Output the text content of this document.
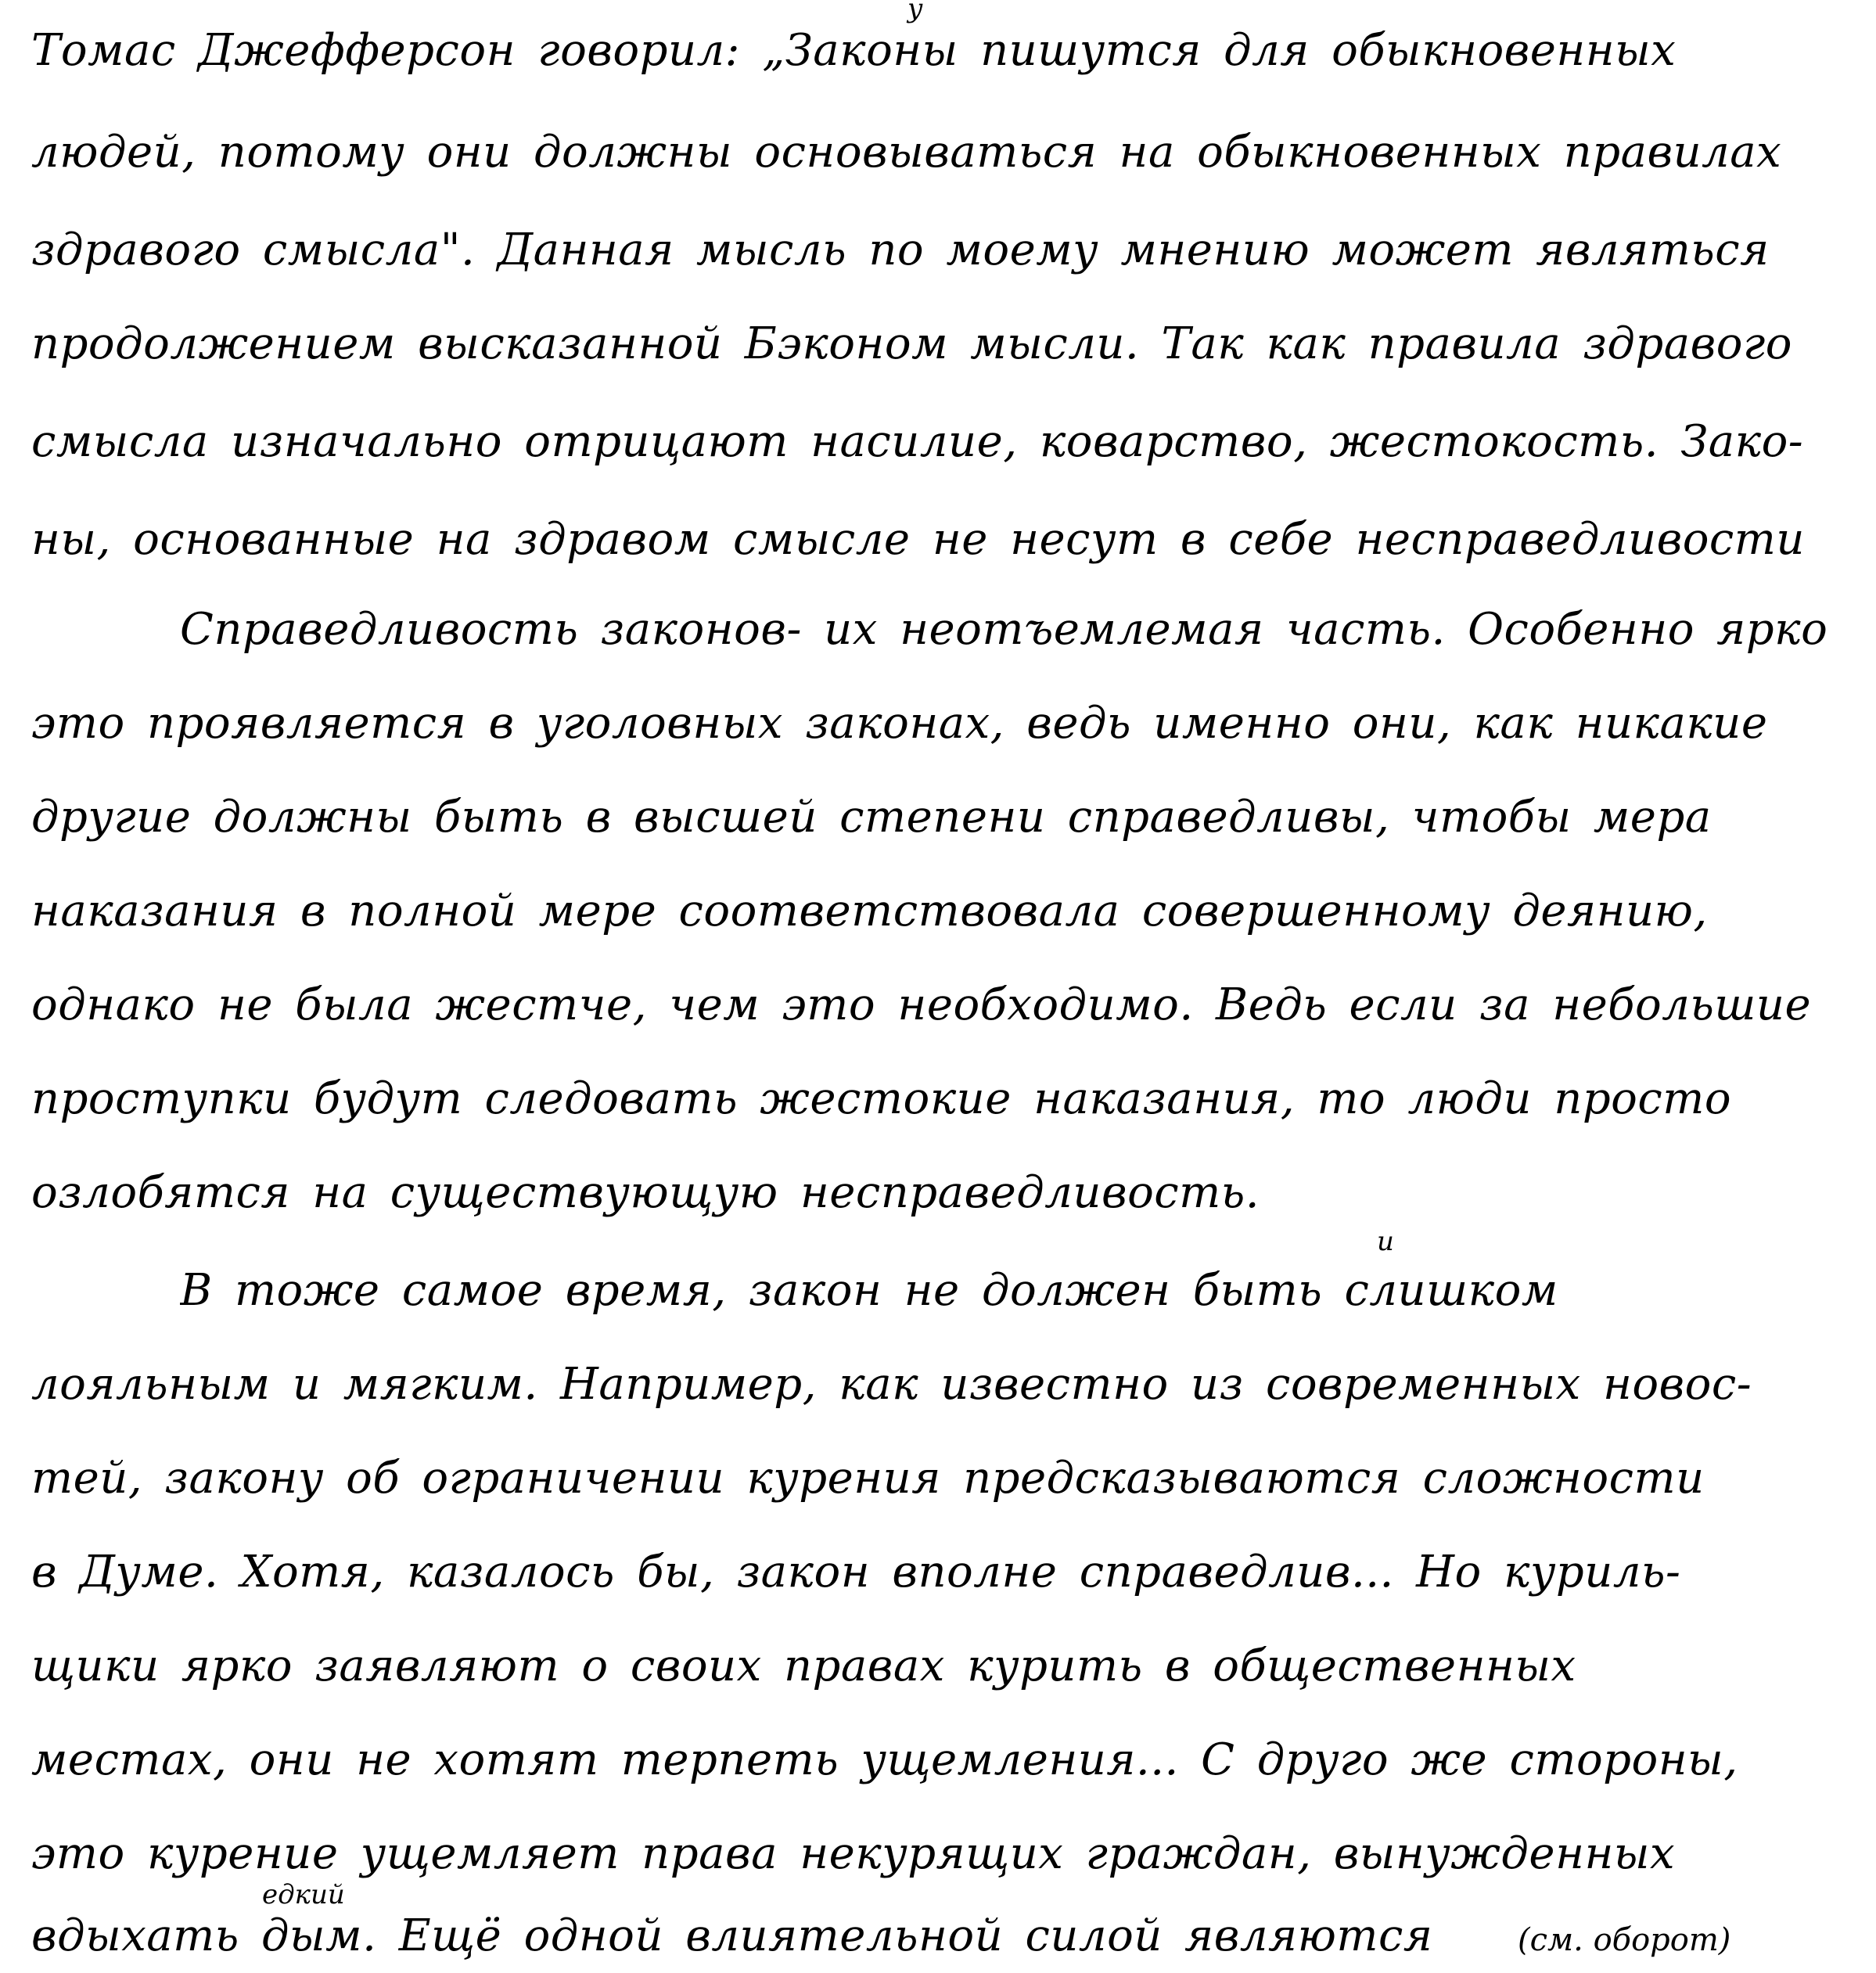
у
Томас Джефферсон говорил: „Законы пишутся для обыкновенных
людей, потому они должны основываться на обыкновенных правилах
здравого смысла". Данная мысль по моему мнению может являться
продолжением высказанной Бэконом мысли. Так как правила здравого
смысла изначально отрицают насилие, коварство, жестокость. Зако-
ны, основанные на здравом смысле не несут в себе несправедливости
Справедливость законов- их неотъемлемая часть. Особенно ярко
это проявляется в уголовных законах, ведь именно они, как никакие
другие должны быть в высшей степени справедливы, чтобы мера
наказания в полной мере соответствовала совершенному деянию,
однако не была жестче, чем это необходимо. Ведь если за небольшие
проступки будут следовать жестокие наказания, то люди просто
озлобятся на существующую несправедливость.
и
В тоже самое время, закон не должен быть слишком
лояльным и мягким. Например, как известно из современных новос-
тей, закону об ограничении курения предсказываются сложности
в Думе. Хотя, казалось бы, закон вполне справедлив... Но куриль-
щики ярко заявляют о своих правах курить в общественных
местах, они не хотят терпеть ущемления... С друго же стороны,
это курение ущемляет права некурящих граждан, вынужденных
едкий
вдыхать дым. Ещё одной влиятельной силой являются	(см. оборот)
